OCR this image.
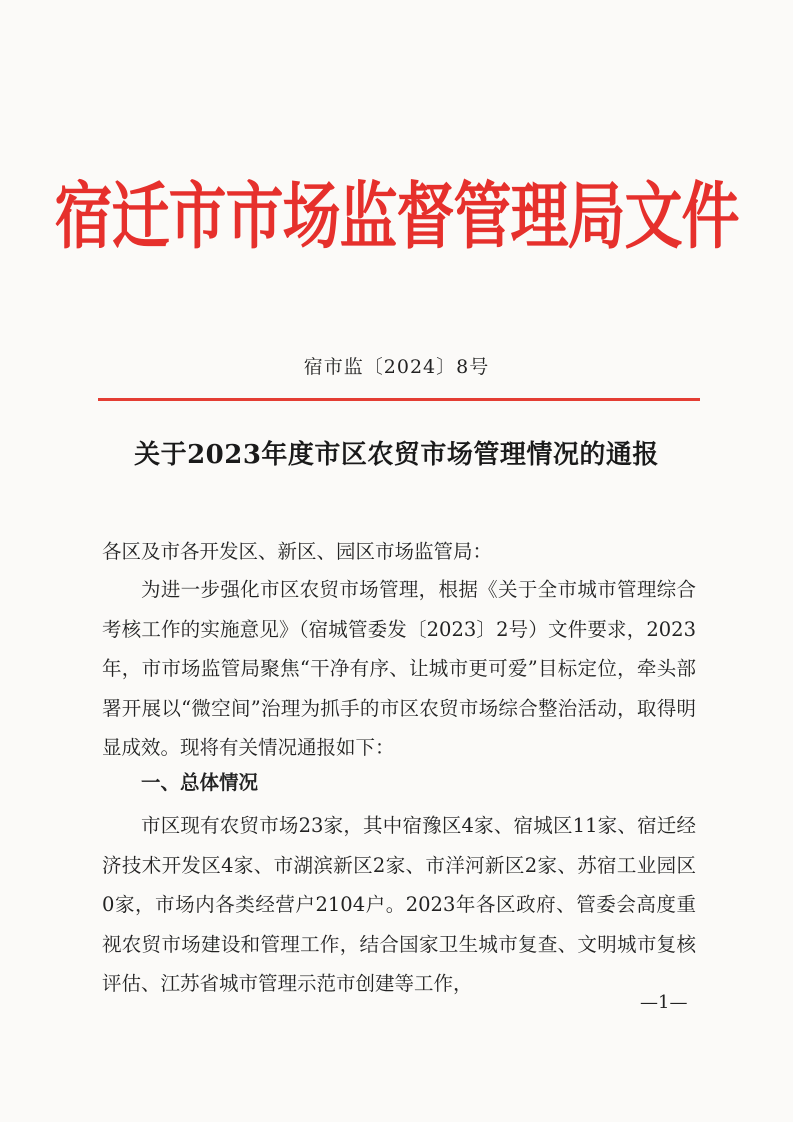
宿迁市市场监督管理局文件
宿市监〔2024〕8号
关于2023年度市区农贸市场管理情况的通报
各区及市各开发区、新区、园区市场监管局：
为进一步强化市区农贸市场管理，根据《关于全市城市管理综合考核工作的实施意见》（宿城管委发〔2023〕2号）文件要求，2023年，市市场监管局聚焦“干净有序、让城市更可爱”目标定位，牵头部署开展以“微空间”治理为抓手的市区农贸市场综合整治活动，取得明显成效。现将有关情况通报如下：
一、总体情况
市区现有农贸市场23家，其中宿豫区4家、宿城区11家、宿迁经济技术开发区4家、市湖滨新区2家、市洋河新区2家、苏宿工业园区0家，市场内各类经营户2104户。2023年各区政府、管委会高度重视农贸市场建设和管理工作，结合国家卫生城市复查、文明城市复核评估、江苏省城市管理示范市创建等工作，
—1—
